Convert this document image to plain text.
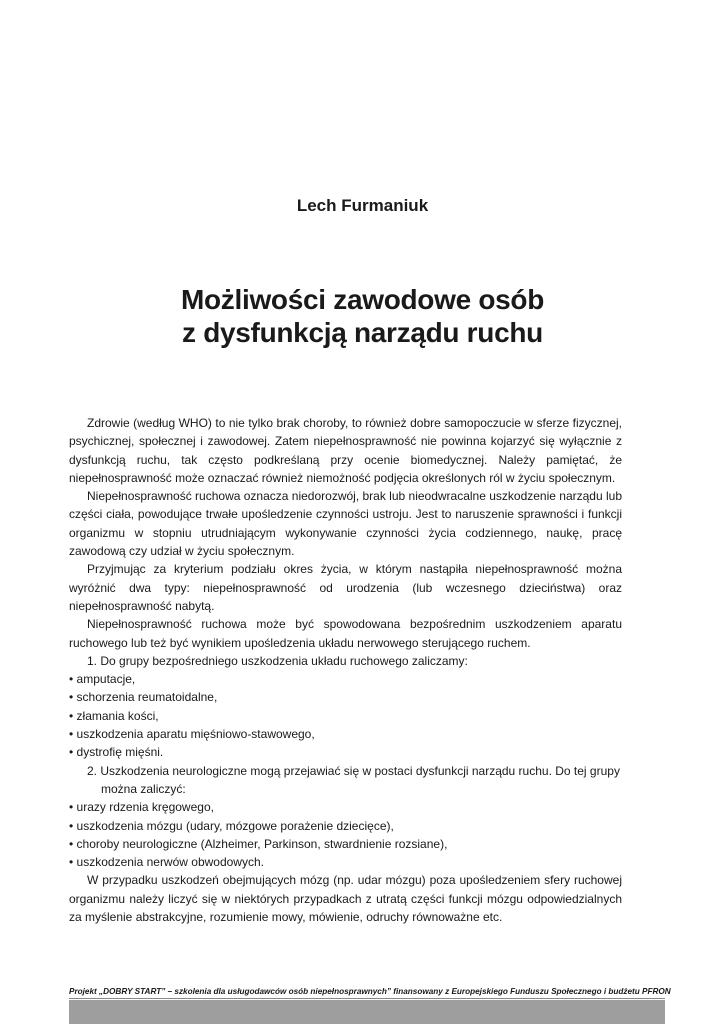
Lech Furmaniuk
Możliwości zawodowe osób
z dysfunkcją narządu ruchu

Zdrowie (według WHO) to nie tylko brak choroby, to również dobre samopoczucie w sferze fizycznej, psychicznej, społecznej i zawodowej. Zatem niepełnosprawność nie powinna kojarzyć się wyłącznie z dysfunkcją ruchu, tak często podkreślaną przy ocenie biomedycznej. Należy pamiętać, że niepełnosprawność może oznaczać również niemożność podjęcia określonych ról w życiu społecznym.

Niepełnosprawność ruchowa oznacza niedorozwój, brak lub nieodwracalne uszkodzenie narządu lub części ciała, powodujące trwałe upośledzenie czynności ustroju. Jest to naruszenie sprawności i funkcji organizmu w stopniu utrudniającym wykonywanie czynności życia codziennego, naukę, pracę zawodową czy udział w życiu społecznym.

Przyjmując za kryterium podziału okres życia, w którym nastąpiła niepełnosprawność można wyróżnić dwa typy: niepełnosprawność od urodzenia (lub wczesnego dzieciństwa) oraz niepełnosprawność nabytą.

Niepełnosprawność ruchowa może być spowodowana bezpośrednim uszkodzeniem aparatu ruchowego lub też być wynikiem upośledzenia układu nerwowego sterującego ruchem.

1. Do grupy bezpośredniego uszkodzenia układu ruchowego zaliczamy:

• amputacje,

• schorzenia reumatoidalne,

• złamania kości,

• uszkodzenia aparatu mięśniowo-stawowego,

• dystrofię mięśni.

2. Uszkodzenia neurologiczne mogą przejawiać się w postaci dysfunkcji narządu ruchu. Do tej grupy

można zaliczyć:

• urazy rdzenia kręgowego,

• uszkodzenia mózgu (udary, mózgowe porażenie dziecięce),

• choroby neurologiczne (Alzheimer, Parkinson, stwardnienie rozsiane),

• uszkodzenia nerwów obwodowych.

W przypadku uszkodzeń obejmujących mózg (np. udar mózgu) poza upośledzeniem sfery ruchowej organizmu należy liczyć się w niektórych przypadkach z utratą części funkcji mózgu odpowiedzialnych za myślenie abstrakcyjne, rozumienie mowy, mówienie, odruchy równoważne etc.

Projekt „DOBRY START” – szkolenia dla usługodawców osób niepełnosprawnych” finansowany z Europejskiego Funduszu Społecznego i budżetu PFRON
